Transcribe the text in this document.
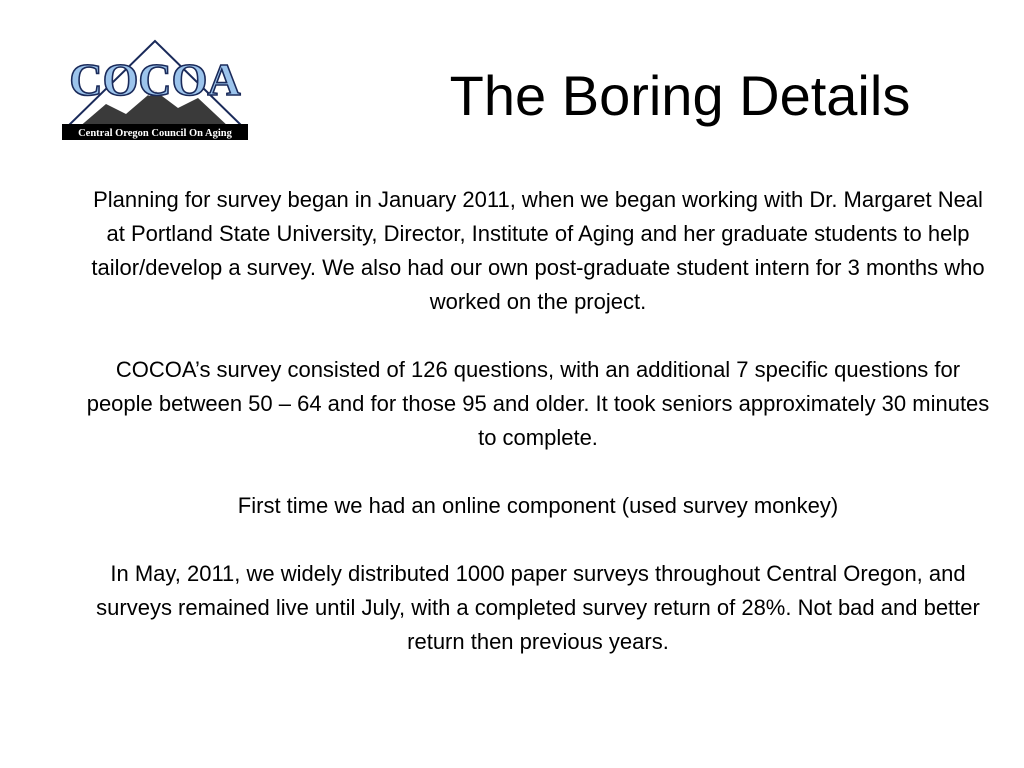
COCOA
Central Oregon Council On Aging
The Boring Details

Planning for survey began in January 2011, when we began working with Dr. Margaret Neal at Portland State University, Director, Institute of Aging and her graduate students to help tailor/develop a survey. We also had our own post-graduate student intern for 3 months who worked on the project.

COCOA’s survey consisted of 126 questions, with an additional 7 specific questions for people between 50 – 64 and for those 95 and older. It took seniors approximately 30 minutes to complete.

First time we had an online component (used survey monkey)

In May, 2011, we widely distributed 1000 paper surveys throughout Central Oregon, and surveys remained live until July, with a completed survey return of 28%. Not bad and better return then previous years.
